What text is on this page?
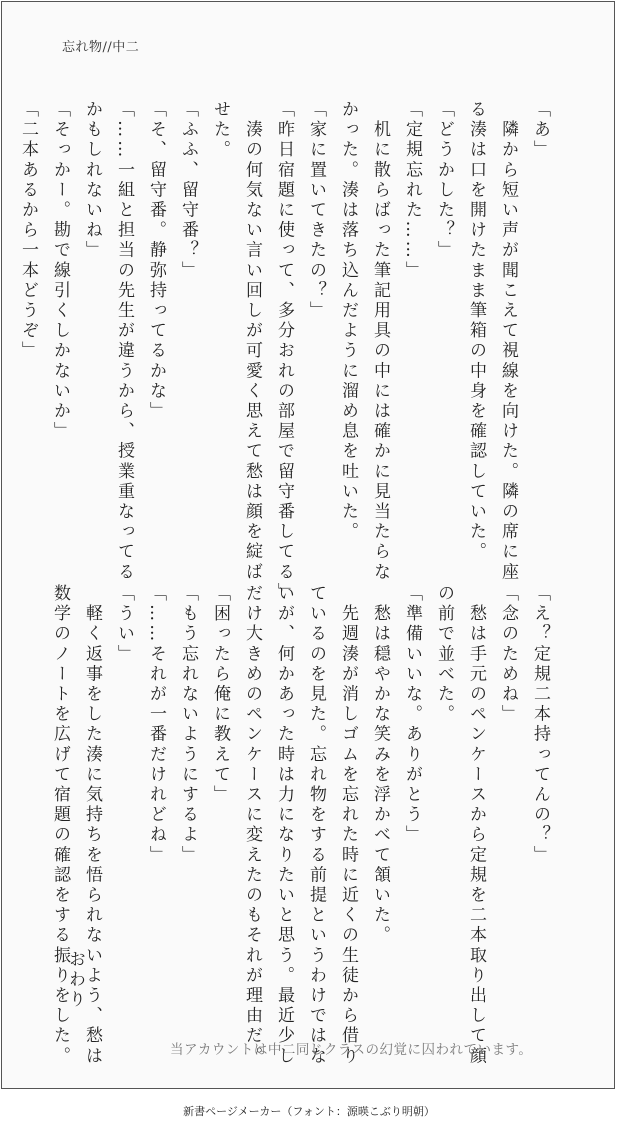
忘れ物//中二
「あ」
　隣から短い声が聞こえて視線を向けた。隣の席に座
る湊は口を開けたまま筆箱の中身を確認していた。
「どうかした？」
「定規忘れた……」
　机に散らばった筆記用具の中には確かに見当たらな
かった。湊は落ち込んだように溜め息を吐いた。
「家に置いてきたの？」
「昨日宿題に使って、多分おれの部屋で留守番してる」
　湊の何気ない言い回しが可愛く思えて愁は顔を綻ば
せた。
「ふふ、留守番？」
「そ、留守番。静弥持ってるかな」
「……一組と担当の先生が違うから、授業重なってる
かもしれないね」
「そっかー。勘で線引くしかないか」
「二本あるから一本どうぞ」
「え？定規二本持ってんの？」
「念のためね」
　愁は手元のペンケースから定規を二本取り出して顔
の前で並べた。
「準備いいな。ありがとう」
　愁は穏やかな笑みを浮かべて頷いた。
　先週湊が消しゴムを忘れた時に近くの生徒から借り
ているのを見た。忘れ物をする前提というわけではな
いが、何かあった時は力になりたいと思う。最近少し
だけ大きめのペンケースに変えたのもそれが理由だ。
「困ったら俺に教えて」
「もう忘れないようにするよ」
「……それが一番だけれどね」
「うい」
　軽く返事をした湊に気持ちを悟られないよう、愁は
数学のノートを広げて宿題の確認をする振りをした。
おわり
当アカウントは中二同じクラスの幻覚に囚われています。
新書ページメーカー（フォント：源暎こぶり明朝）
